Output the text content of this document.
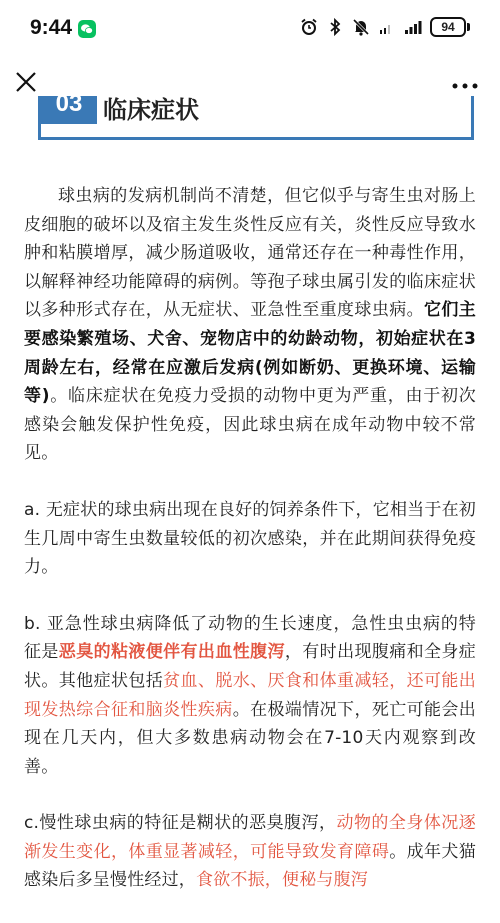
9:44	94
03 临床症状

球虫病的发病机制尚不清楚，但它似乎与寄生虫对肠上皮细胞的破坏以及宿主发生炎性反应有关，炎性反应导致水肿和粘膜增厚，减少肠道吸收，通常还存在一种毒性作用，以解释神经功能障碍的病例。等孢子球虫属引发的临床症状以多种形式存在，从无症状、亚急性至重度球虫病。它们主要感染繁殖场、犬舍、宠物店中的幼龄动物，初始症状在3周龄左右，经常在应激后发病(例如断奶、更换环境、运输等)。临床症状在免疫力受损的动物中更为严重，由于初次感染会触发保护性免疫，因此球虫病在成年动物中较不常见。

a. 无症状的球虫病出现在良好的饲养条件下，它相当于在初生几周中寄生虫数量较低的初次感染，并在此期间获得免疫力。

b. 亚急性球虫病降低了动物的生长速度，急性虫虫病的特征是恶臭的粘液便伴有出血性腹泻，有时出现腹痛和全身症状。其他症状包括贫血、脱水、厌食和体重减轻，还可能出现发热综合征和脑炎性疾病。在极端情况下，死亡可能会出现在几天内，但大多数患病动物会在7-10天内观察到改善。

c.慢性球虫病的特征是糊状的恶臭腹泻，动物的全身体况逐渐发生变化，体重显著减轻，可能导致发育障碍。成年犬猫感染后多呈慢性经过，食欲不振，便秘与腹泻
